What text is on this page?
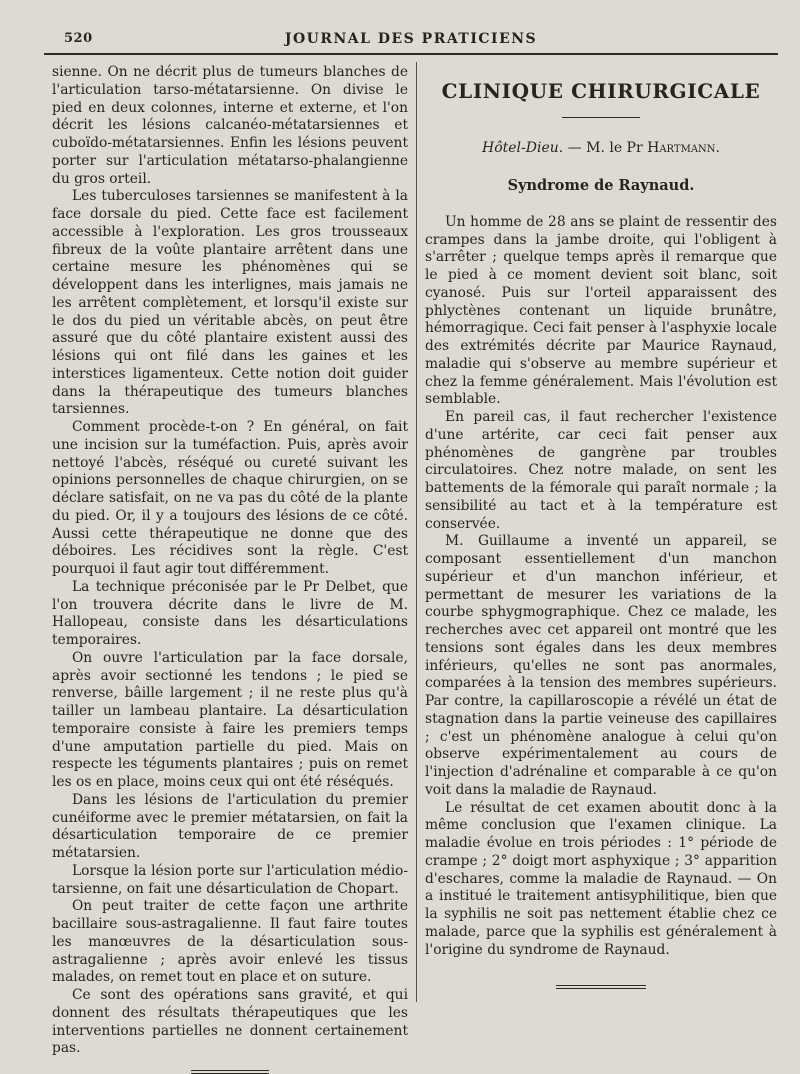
520	JOURNAL DES PRATICIENS

sienne. On ne décrit plus de tumeurs blanches de l'articulation tarso-métatarsienne. On divise le pied en deux colonnes, interne et externe, et l'on décrit les lésions calcanéo-métatarsiennes et cuboïdo-métatarsiennes. Enfin les lésions peuvent porter sur l'articulation métatarso-phalangienne du gros orteil.

Les tuberculoses tarsiennes se manifestent à la face dorsale du pied. Cette face est facilement accessible à l'exploration. Les gros trousseaux fibreux de la voûte plantaire arrêtent dans une certaine mesure les phénomènes qui se développent dans les interlignes, mais jamais ne les arrêtent complètement, et lorsqu'il existe sur le dos du pied un véritable abcès, on peut être assuré que du côté plantaire existent aussi des lésions qui ont filé dans les gaines et les interstices ligamenteux. Cette notion doit guider dans la thérapeutique des tumeurs blanches tarsiennes.

Comment procède-t-on ? En général, on fait une incision sur la tuméfaction. Puis, après avoir nettoyé l'abcès, réséqué ou cureté suivant les opinions personnelles de chaque chirurgien, on se déclare satisfait, on ne va pas du côté de la plante du pied. Or, il y a toujours des lésions de ce côté. Aussi cette thérapeutique ne donne que des déboires. Les récidives sont la règle. C'est pourquoi il faut agir tout différemment.

La technique préconisée par le Pr Delbet, que l'on trouvera décrite dans le livre de M. Hallopeau, consiste dans les désarticulations temporaires.

On ouvre l'articulation par la face dorsale, après avoir sectionné les tendons ; le pied se renverse, bâille largement ; il ne reste plus qu'à tailler un lambeau plantaire. La désarticulation temporaire consiste à faire les premiers temps d'une amputation partielle du pied. Mais on respecte les téguments plantaires ; puis on remet les os en place, moins ceux qui ont été réséqués.

Dans les lésions de l'articulation du premier cunéiforme avec le premier métatarsien, on fait la désarticulation temporaire de ce premier métatarsien.

Lorsque la lésion porte sur l'articulation médio-tarsienne, on fait une désarticulation de Chopart.

On peut traiter de cette façon une arthrite bacillaire sous-astragalienne. Il faut faire toutes les manœuvres de la désarticulation sous-astragalienne ; après avoir enlevé les tissus malades, on remet tout en place et on suture.

Ce sont des opérations sans gravité, et qui donnent des résultats thérapeutiques que les interventions partielles ne donnent certainement pas.

CLINIQUE CHIRURGICALE
Hôtel-Dieu. — M. le Pr Hartmann.
Syndrome de Raynaud.

Un homme de 28 ans se plaint de ressentir des crampes dans la jambe droite, qui l'obligent à s'arrêter ; quelque temps après il remarque que le pied à ce moment devient soit blanc, soit cyanosé. Puis sur l'orteil apparaissent des phlyctènes contenant un liquide brunâtre, hémorragique. Ceci fait penser à l'asphyxie locale des extrémités décrite par Maurice Raynaud, maladie qui s'observe au membre supérieur et chez la femme généralement. Mais l'évolution est semblable.

En pareil cas, il faut rechercher l'existence d'une artérite, car ceci fait penser aux phénomènes de gangrène par troubles circulatoires. Chez notre malade, on sent les battements de la fémorale qui paraît normale ; la sensibilité au tact et à la température est conservée.

M. Guillaume a inventé un appareil, se composant essentiellement d'un manchon supérieur et d'un manchon inférieur, et permettant de mesurer les variations de la courbe sphygmographique. Chez ce malade, les recherches avec cet appareil ont montré que les tensions sont égales dans les deux membres inférieurs, qu'elles ne sont pas anormales, comparées à la tension des membres supérieurs. Par contre, la capillaroscopie a révélé un état de stagnation dans la partie veineuse des capillaires ; c'est un phénomène analogue à celui qu'on observe expérimentalement au cours de l'injection d'adrénaline et comparable à ce qu'on voit dans la maladie de Raynaud.

Le résultat de cet examen aboutit donc à la même conclusion que l'examen clinique. La maladie évolue en trois périodes : 1° période de crampe ; 2° doigt mort asphyxique ; 3° apparition d'eschares, comme la maladie de Raynaud. — On a institué le traitement antisyphilitique, bien que la syphilis ne soit pas nettement établie chez ce malade, parce que la syphilis est généralement à l'origine du syndrome de Raynaud.
